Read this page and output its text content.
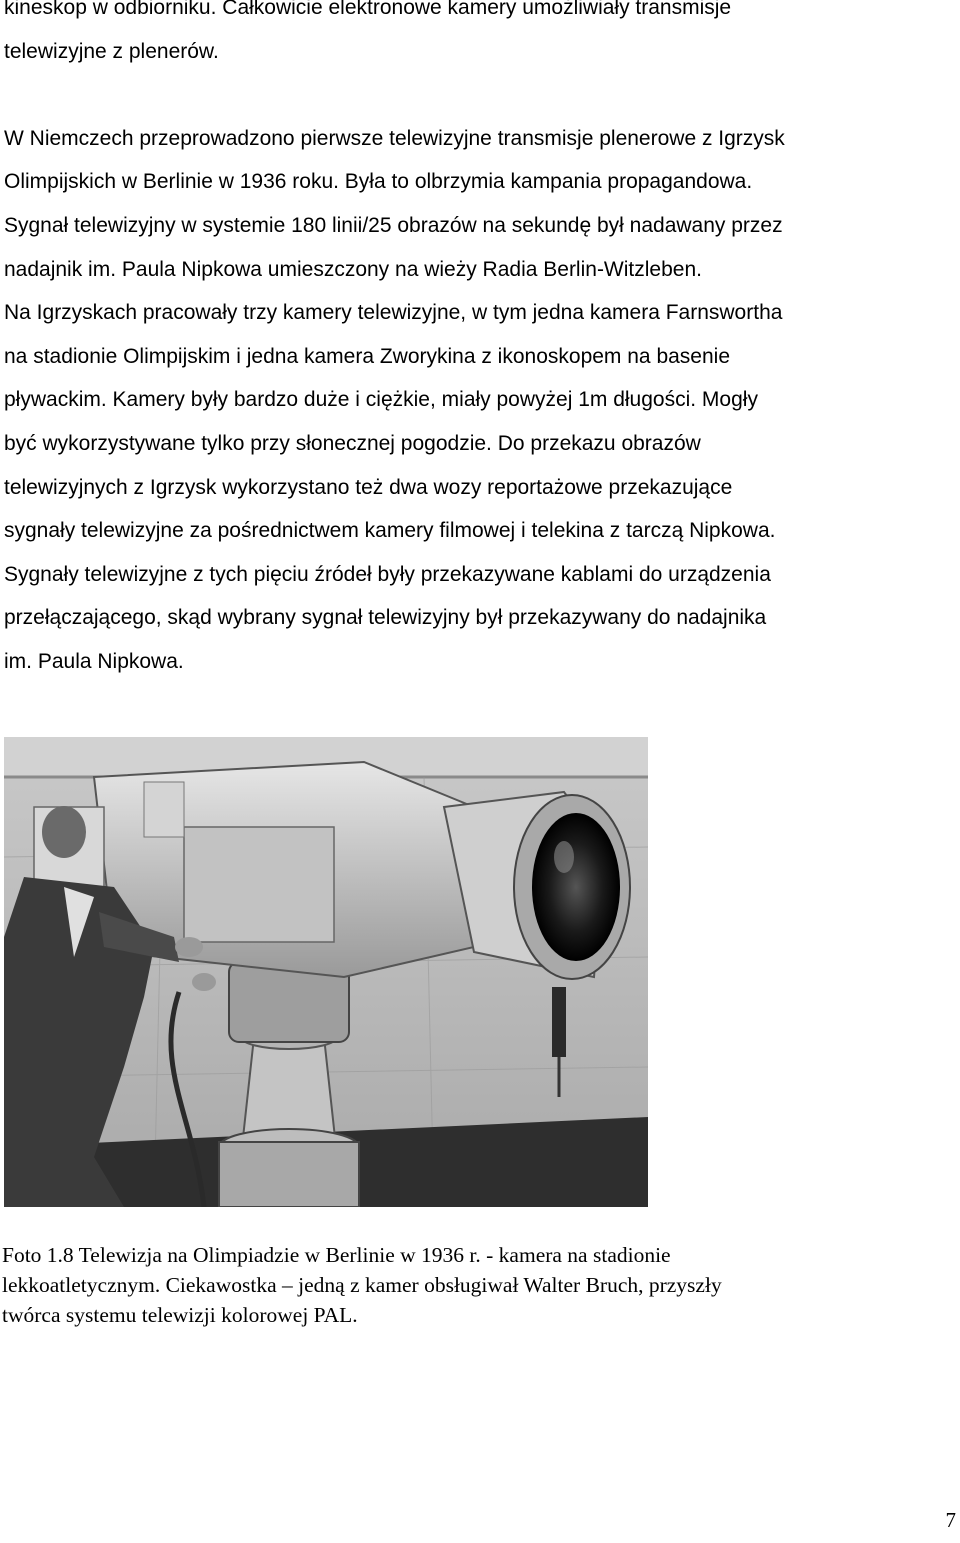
kineskop w odbiorniku. Całkowicie elektronowe kamery umożliwiały transmisje

telewizyjne z plenerów.

W Niemczech przeprowadzono pierwsze telewizyjne transmisje plenerowe z Igrzysk

Olimpijskich w Berlinie w 1936 roku. Była to olbrzymia kampania propagandowa.

Sygnał telewizyjny w systemie 180 linii/25 obrazów na sekundę był nadawany przez

nadajnik im. Paula Nipkowa umieszczony na wieży Radia Berlin-Witzleben.

Na Igrzyskach pracowały trzy kamery telewizyjne, w tym jedna kamera Farnswortha

na stadionie Olimpijskim i jedna kamera Zworykina z ikonoskopem na basenie

pływackim. Kamery były bardzo duże i ciężkie, miały powyżej 1m długości. Mogły

być wykorzystywane tylko przy słonecznej pogodzie. Do przekazu obrazów

telewizyjnych z Igrzysk wykorzystano też dwa wozy reportażowe przekazujące

sygnały telewizyjne za pośrednictwem kamery filmowej i telekina z tarczą Nipkowa.

Sygnały telewizyjne z tych pięciu źródeł były przekazywane kablami do urządzenia

przełączającego, skąd wybrany sygnał telewizyjny był przekazywany do nadajnika

im. Paula Nipkowa.

Foto 1.8 Telewizja na Olimpiadzie w Berlinie w 1936 r. - kamera na stadionie

lekkoatletycznym. Ciekawostka – jedną z kamer obsługiwał Walter Bruch, przyszły

twórca systemu telewizji kolorowej PAL.

7
